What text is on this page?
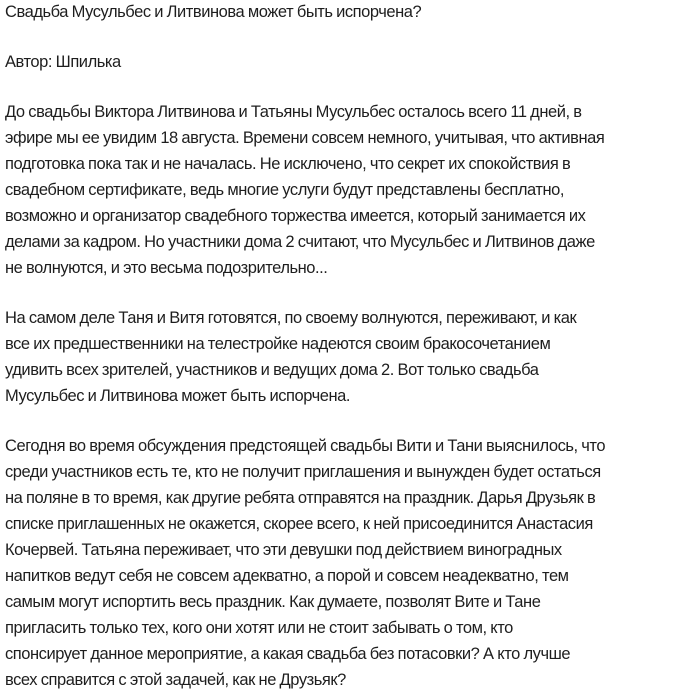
Свадьба Мусульбес и Литвинова может быть испорчена?
Автор: Шпилька
До свадьбы Виктора Литвинова и Татьяны Мусульбес осталось всего 11 дней, в
эфире мы ее увидим 18 августа. Времени совсем немного, учитывая, что активная
подготовка пока так и не началась. Не исключено, что секрет их спокойствия в
свадебном сертификате, ведь многие услуги будут представлены бесплатно,
возможно и организатор свадебного торжества имеется, который занимается их
делами за кадром. Но участники дома 2 считают, что Мусульбес и Литвинов даже
не волнуются, и это весьма подозрительно...
На самом деле Таня и Витя готовятся, по своему волнуются, переживают, и как
все их предшественники на телестройке надеются своим бракосочетанием
удивить всех зрителей, участников и ведущих дома 2. Вот только свадьба
Мусульбес и Литвинова может быть испорчена.
Сегодня во время обсуждения предстоящей свадьбы Вити и Тани выяснилось, что
среди участников есть те, кто не получит приглашения и вынужден будет остаться
на поляне в то время, как другие ребята отправятся на праздник. Дарья Друзьяк в
списке приглашенных не окажется, скорее всего, к ней присоединится Анастасия
Кочервей. Татьяна переживает, что эти девушки под действием виноградных
напитков ведут себя не совсем адекватно, а порой и совсем неадекватно, тем
самым могут испортить весь праздник. Как думаете, позволят Вите и Тане
пригласить только тех, кого они хотят или не стоит забывать о том, кто
спонсирует данное мероприятие, а какая свадьба без потасовки? А кто лучше
всех справится с этой задачей, как не Друзьяк?
